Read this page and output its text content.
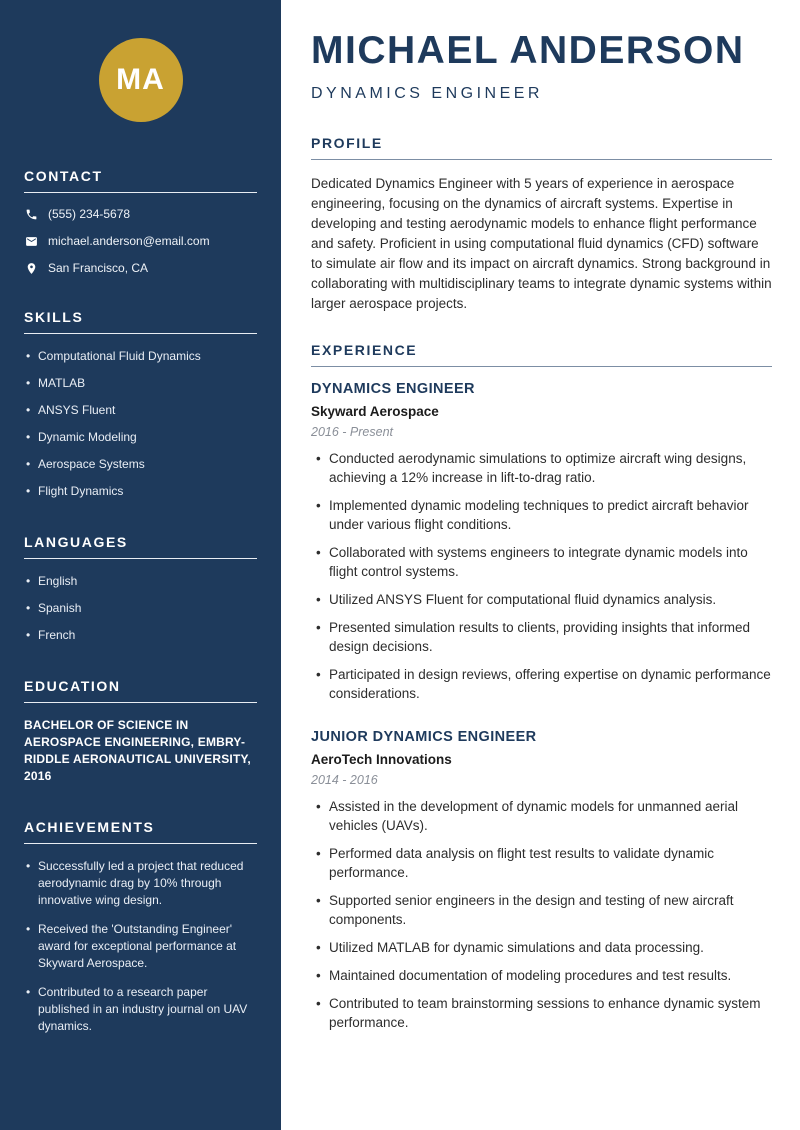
MA
CONTACT
(555) 234-5678
michael.anderson@email.com
San Francisco, CA
SKILLS
• Computational Fluid Dynamics
• MATLAB
• ANSYS Fluent
• Dynamic Modeling
• Aerospace Systems
• Flight Dynamics
LANGUAGES
• English
• Spanish
• French
EDUCATION

BACHELOR OF SCIENCE IN AEROSPACE ENGINEERING, EMBRY-RIDDLE AERONAUTICAL UNIVERSITY, 2016

ACHIEVEMENTS
• Successfully led a project that reduced aerodynamic drag by 10% through innovative wing design.
• Received the 'Outstanding Engineer' award for exceptional performance at Skyward Aerospace.
• Contributed to a research paper published in an industry journal on UAV dynamics.
MICHAEL ANDERSON
DYNAMICS ENGINEER
PROFILE

Dedicated Dynamics Engineer with 5 years of experience in aerospace engineering, focusing on the dynamics of aircraft systems. Expertise in developing and testing aerodynamic models to enhance flight performance and safety. Proficient in using computational fluid dynamics (CFD) software to simulate air flow and its impact on aircraft dynamics. Strong background in collaborating with multidisciplinary teams to integrate dynamic systems within larger aerospace projects.

EXPERIENCE
DYNAMICS ENGINEER
Skyward Aerospace
2016 - Present
• Conducted aerodynamic simulations to optimize aircraft wing designs, achieving a 12% increase in lift-to-drag ratio.
• Implemented dynamic modeling techniques to predict aircraft behavior under various flight conditions.
• Collaborated with systems engineers to integrate dynamic models into flight control systems.
• Utilized ANSYS Fluent for computational fluid dynamics analysis.
• Presented simulation results to clients, providing insights that informed design decisions.
• Participated in design reviews, offering expertise on dynamic performance considerations.
JUNIOR DYNAMICS ENGINEER
AeroTech Innovations
2014 - 2016
• Assisted in the development of dynamic models for unmanned aerial vehicles (UAVs).
• Performed data analysis on flight test results to validate dynamic performance.
• Supported senior engineers in the design and testing of new aircraft components.
• Utilized MATLAB for dynamic simulations and data processing.
• Maintained documentation of modeling procedures and test results.
• Contributed to team brainstorming sessions to enhance dynamic system performance.
